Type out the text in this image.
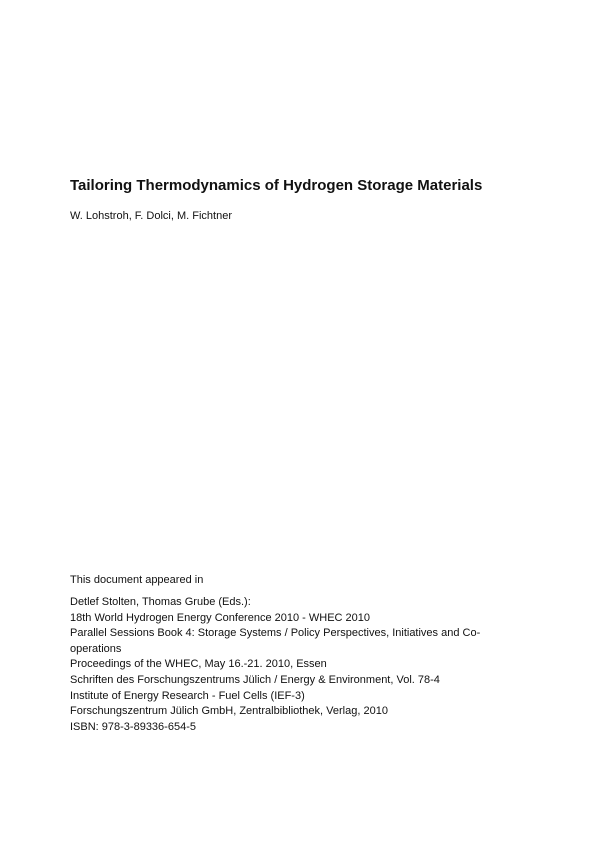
Tailoring Thermodynamics of Hydrogen Storage Materials

W. Lohstroh, F. Dolci, M. Fichtner

This document appeared in

Detlef Stolten, Thomas Grube (Eds.):
18th World Hydrogen Energy Conference 2010 - WHEC 2010
Parallel Sessions Book 4: Storage Systems / Policy Perspectives, Initiatives and Co-
operations
Proceedings of the WHEC, May 16.-21. 2010, Essen
Schriften des Forschungszentrums Jülich / Energy & Environment, Vol. 78-4
Institute of Energy Research - Fuel Cells (IEF-3)
Forschungszentrum Jülich GmbH, Zentralbibliothek, Verlag, 2010
ISBN: 978-3-89336-654-5
